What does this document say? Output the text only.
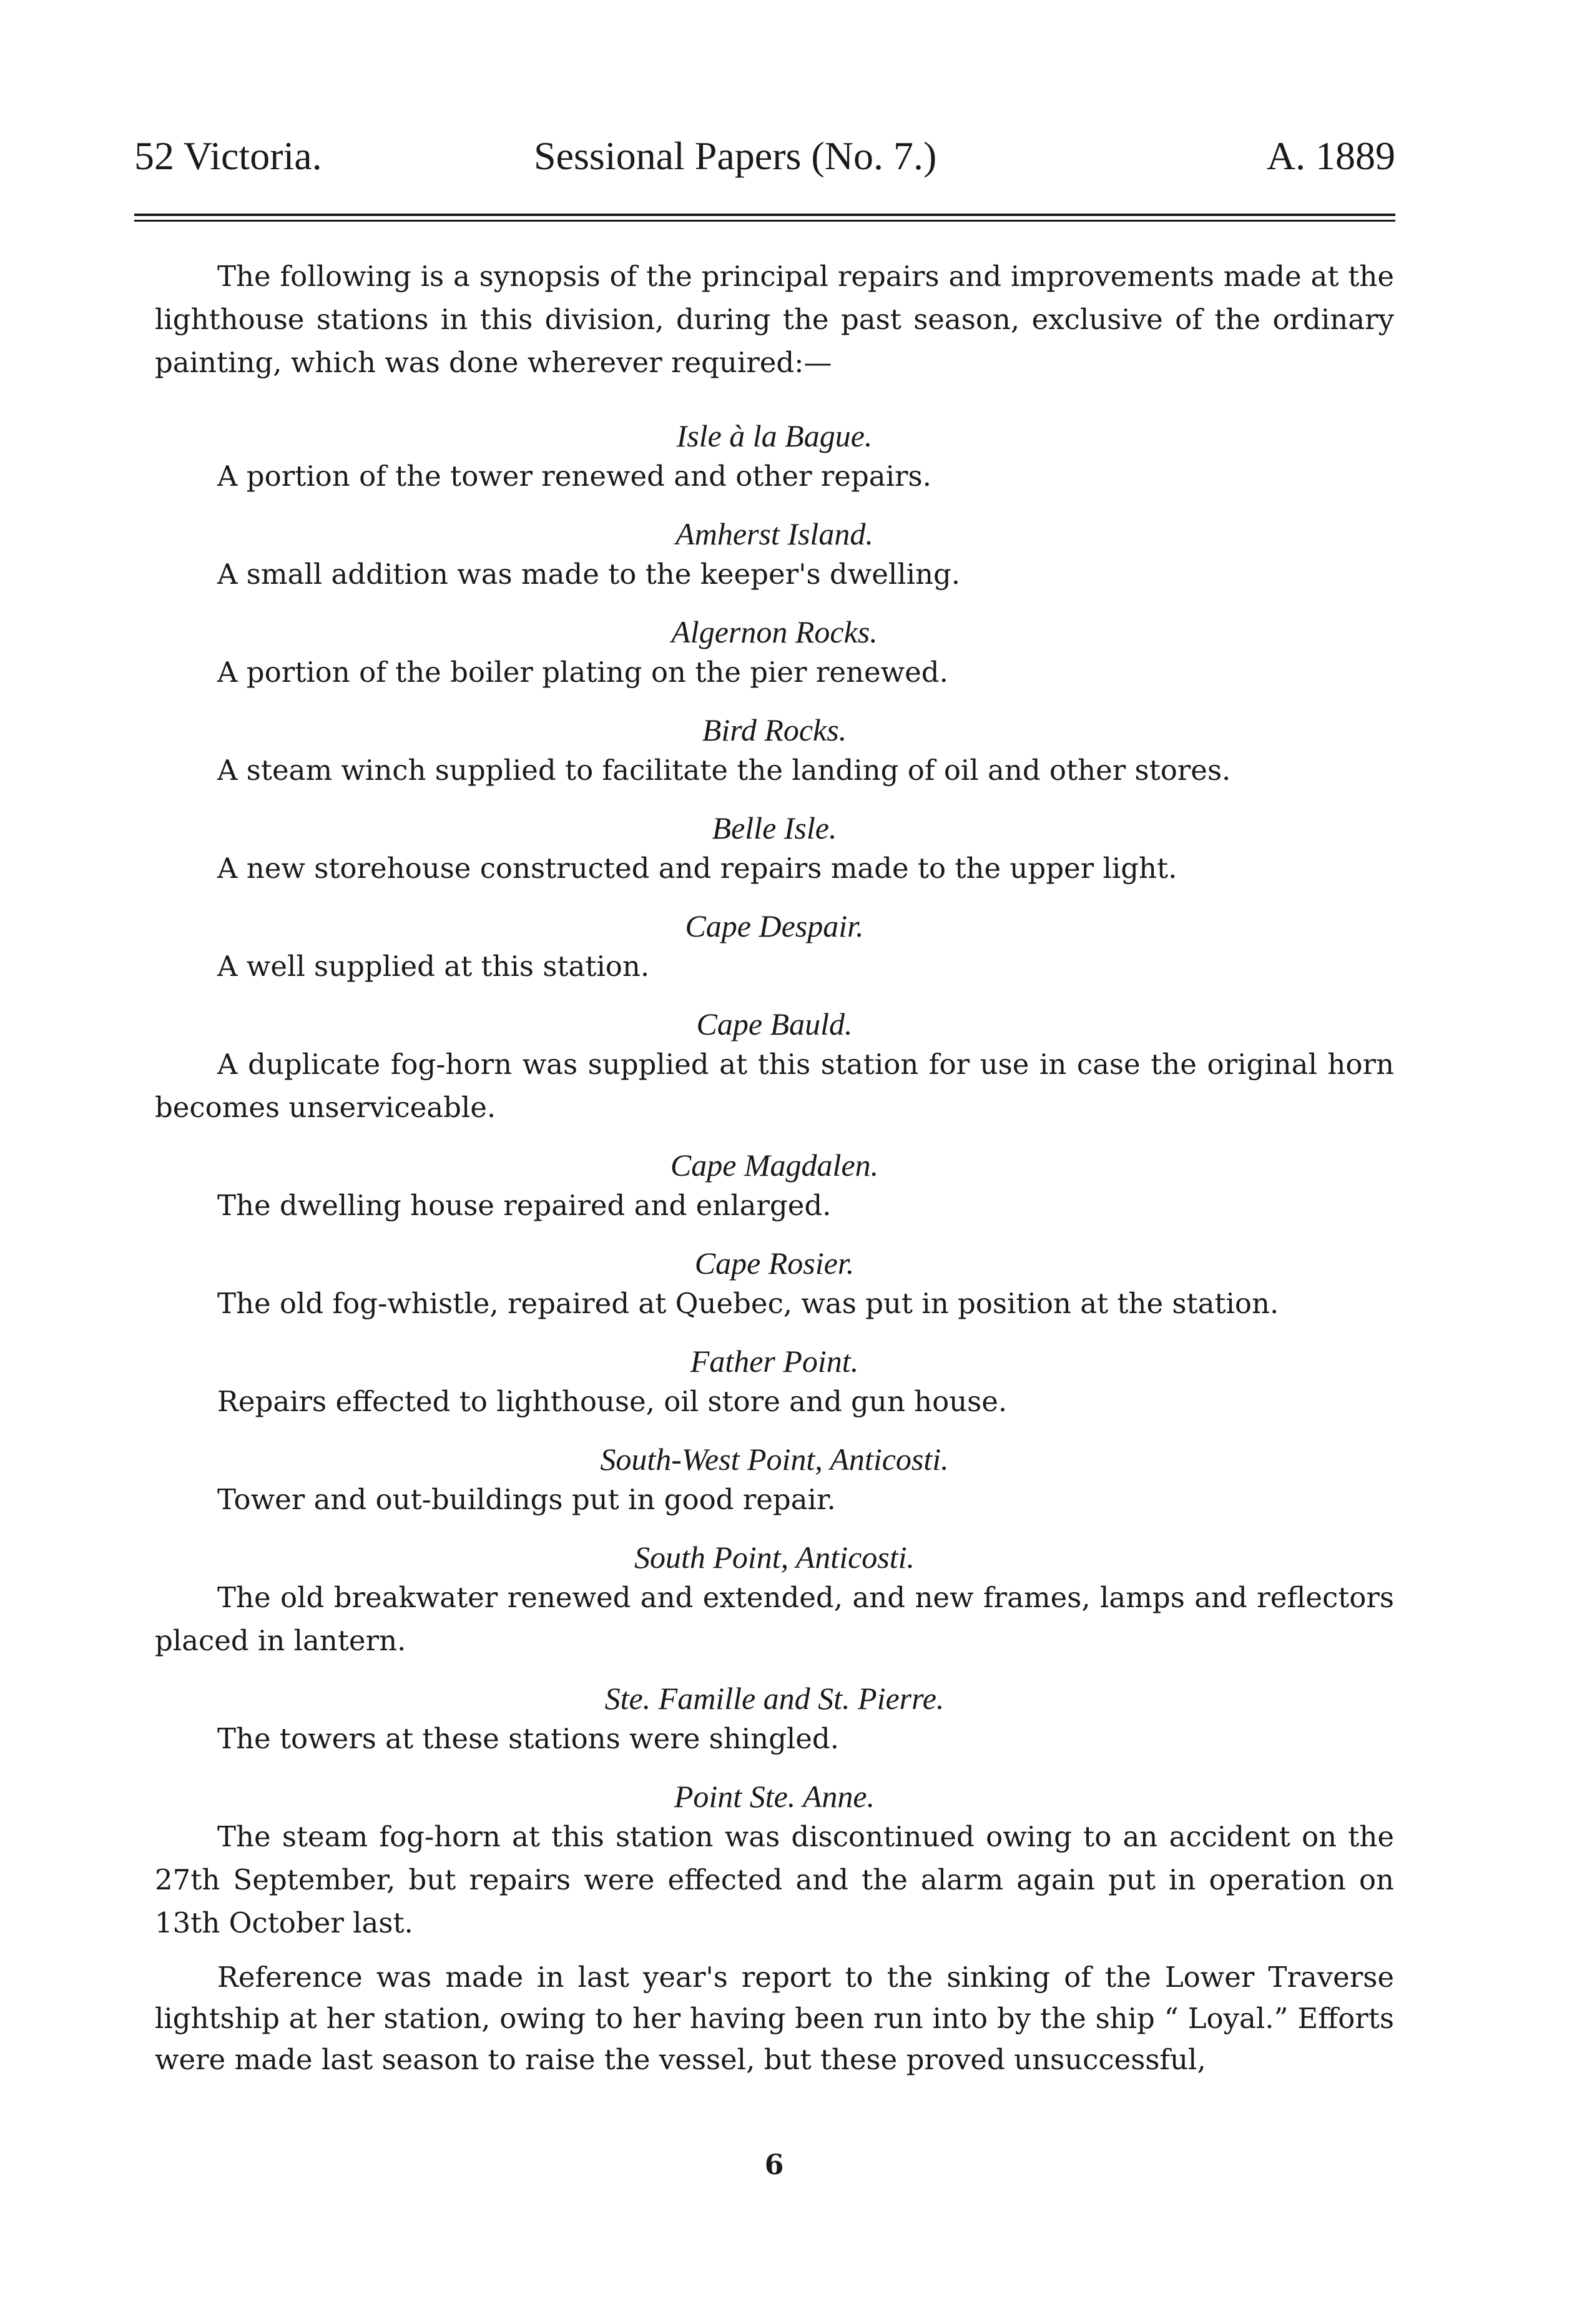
52 Victoria.	Sessional Papers (No. 7.)	A. 1889

The following is a synopsis of the principal repairs and improvements made at the lighthouse stations in this division, during the past season, exclusive of the ordinary painting, which was done wherever required:—

Isle à la Bague.

A portion of the tower renewed and other repairs.

Amherst Island.

A small addition was made to the keeper's dwelling.

Algernon Rocks.

A portion of the boiler plating on the pier renewed.

Bird Rocks.

A steam winch supplied to facilitate the landing of oil and other stores.

Belle Isle.

A new storehouse constructed and repairs made to the upper light.

Cape Despair.

A well supplied at this station.

Cape Bauld.

A duplicate fog-horn was supplied at this station for use in case the original horn becomes unserviceable.

Cape Magdalen.

The dwelling house repaired and enlarged.

Cape Rosier.

The old fog-whistle, repaired at Quebec, was put in position at the station.

Father Point.

Repairs effected to lighthouse, oil store and gun house.

South-West Point, Anticosti.

Tower and out-buildings put in good repair.

South Point, Anticosti.

The old breakwater renewed and extended, and new frames, lamps and reflectors placed in lantern.

Ste. Famille and St. Pierre.

The towers at these stations were shingled.

Point Ste. Anne.

The steam fog-horn at this station was discontinued owing to an accident on the 27th September, but repairs were effected and the alarm again put in operation on 13th October last.

Reference was made in last year's report to the sinking of the Lower Traverse lightship at her station, owing to her having been run into by the ship “ Loyal.” Efforts were made last season to raise the vessel, but these proved unsuccessful,

6
